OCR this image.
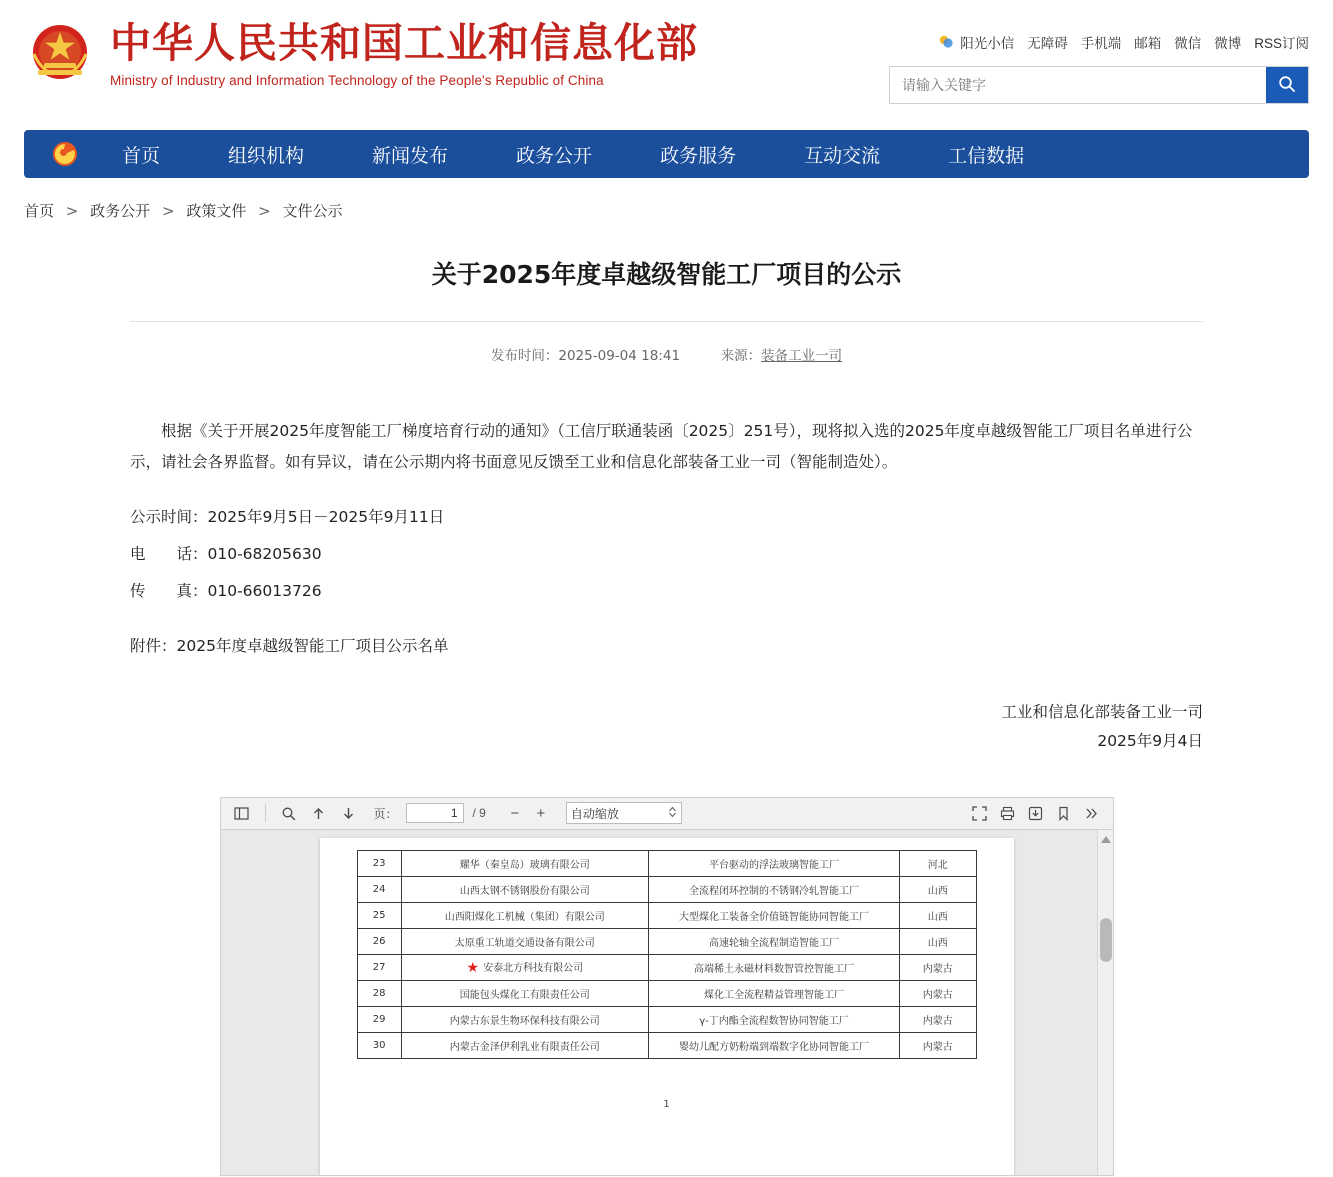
中华人民共和国工业和信息化部
Ministry of Industry and Information Technology of the People's Republic of China
阳光小信 无障碍 手机端 邮箱 微信 微博 RSS订阅
请输入关键字
首页	组织机构	新闻发布	政务公开	政务服务	互动交流	工信数据
首页 > 政务公开 > 政策文件 > 文件公示
关于2025年度卓越级智能工厂项目的公示
发布时间：2025-09-04 18:41	来源：装备工业一司

根据《关于开展2025年度智能工厂梯度培育行动的通知》（工信厅联通装函〔2025〕251号），现将拟入选的2025年度卓越级智能工厂项目名单进行公示，请社会各界监督。如有异议，请在公示期内将书面意见反馈至工业和信息化部装备工业一司（智能制造处）。

公示时间：2025年9月5日－2025年9月11日

电　　话：010-68205630

传　　真：010-66013726

附件：2025年度卓越级智能工厂项目公示名单

工业和信息化部装备工业一司
2025年9月4日
页：
1	/ 9	−	+	自动缩放
23	耀华（秦皇岛）玻璃有限公司	平台驱动的浮法玻璃智能工厂	河北
24	山西太钢不锈钢股份有限公司	全流程闭环控制的不锈钢冷轧智能工厂	山西
25	山西阳煤化工机械（集团）有限公司	大型煤化工装备全价值链智能协同智能工厂	山西
26	太原重工轨道交通设备有限公司	高速轮轴全流程制造智能工厂	山西
27	★ 安泰北方科技有限公司	高端稀土永磁材料数智管控智能工厂	内蒙古
28	国能包头煤化工有限责任公司	煤化工全流程精益管理智能工厂	内蒙古
29	内蒙古东景生物环保科技有限公司	γ-丁内酯全流程数智协同智能工厂	内蒙古
30	内蒙古金泽伊利乳业有限责任公司	婴幼儿配方奶粉端到端数字化协同智能工厂	内蒙古
1
